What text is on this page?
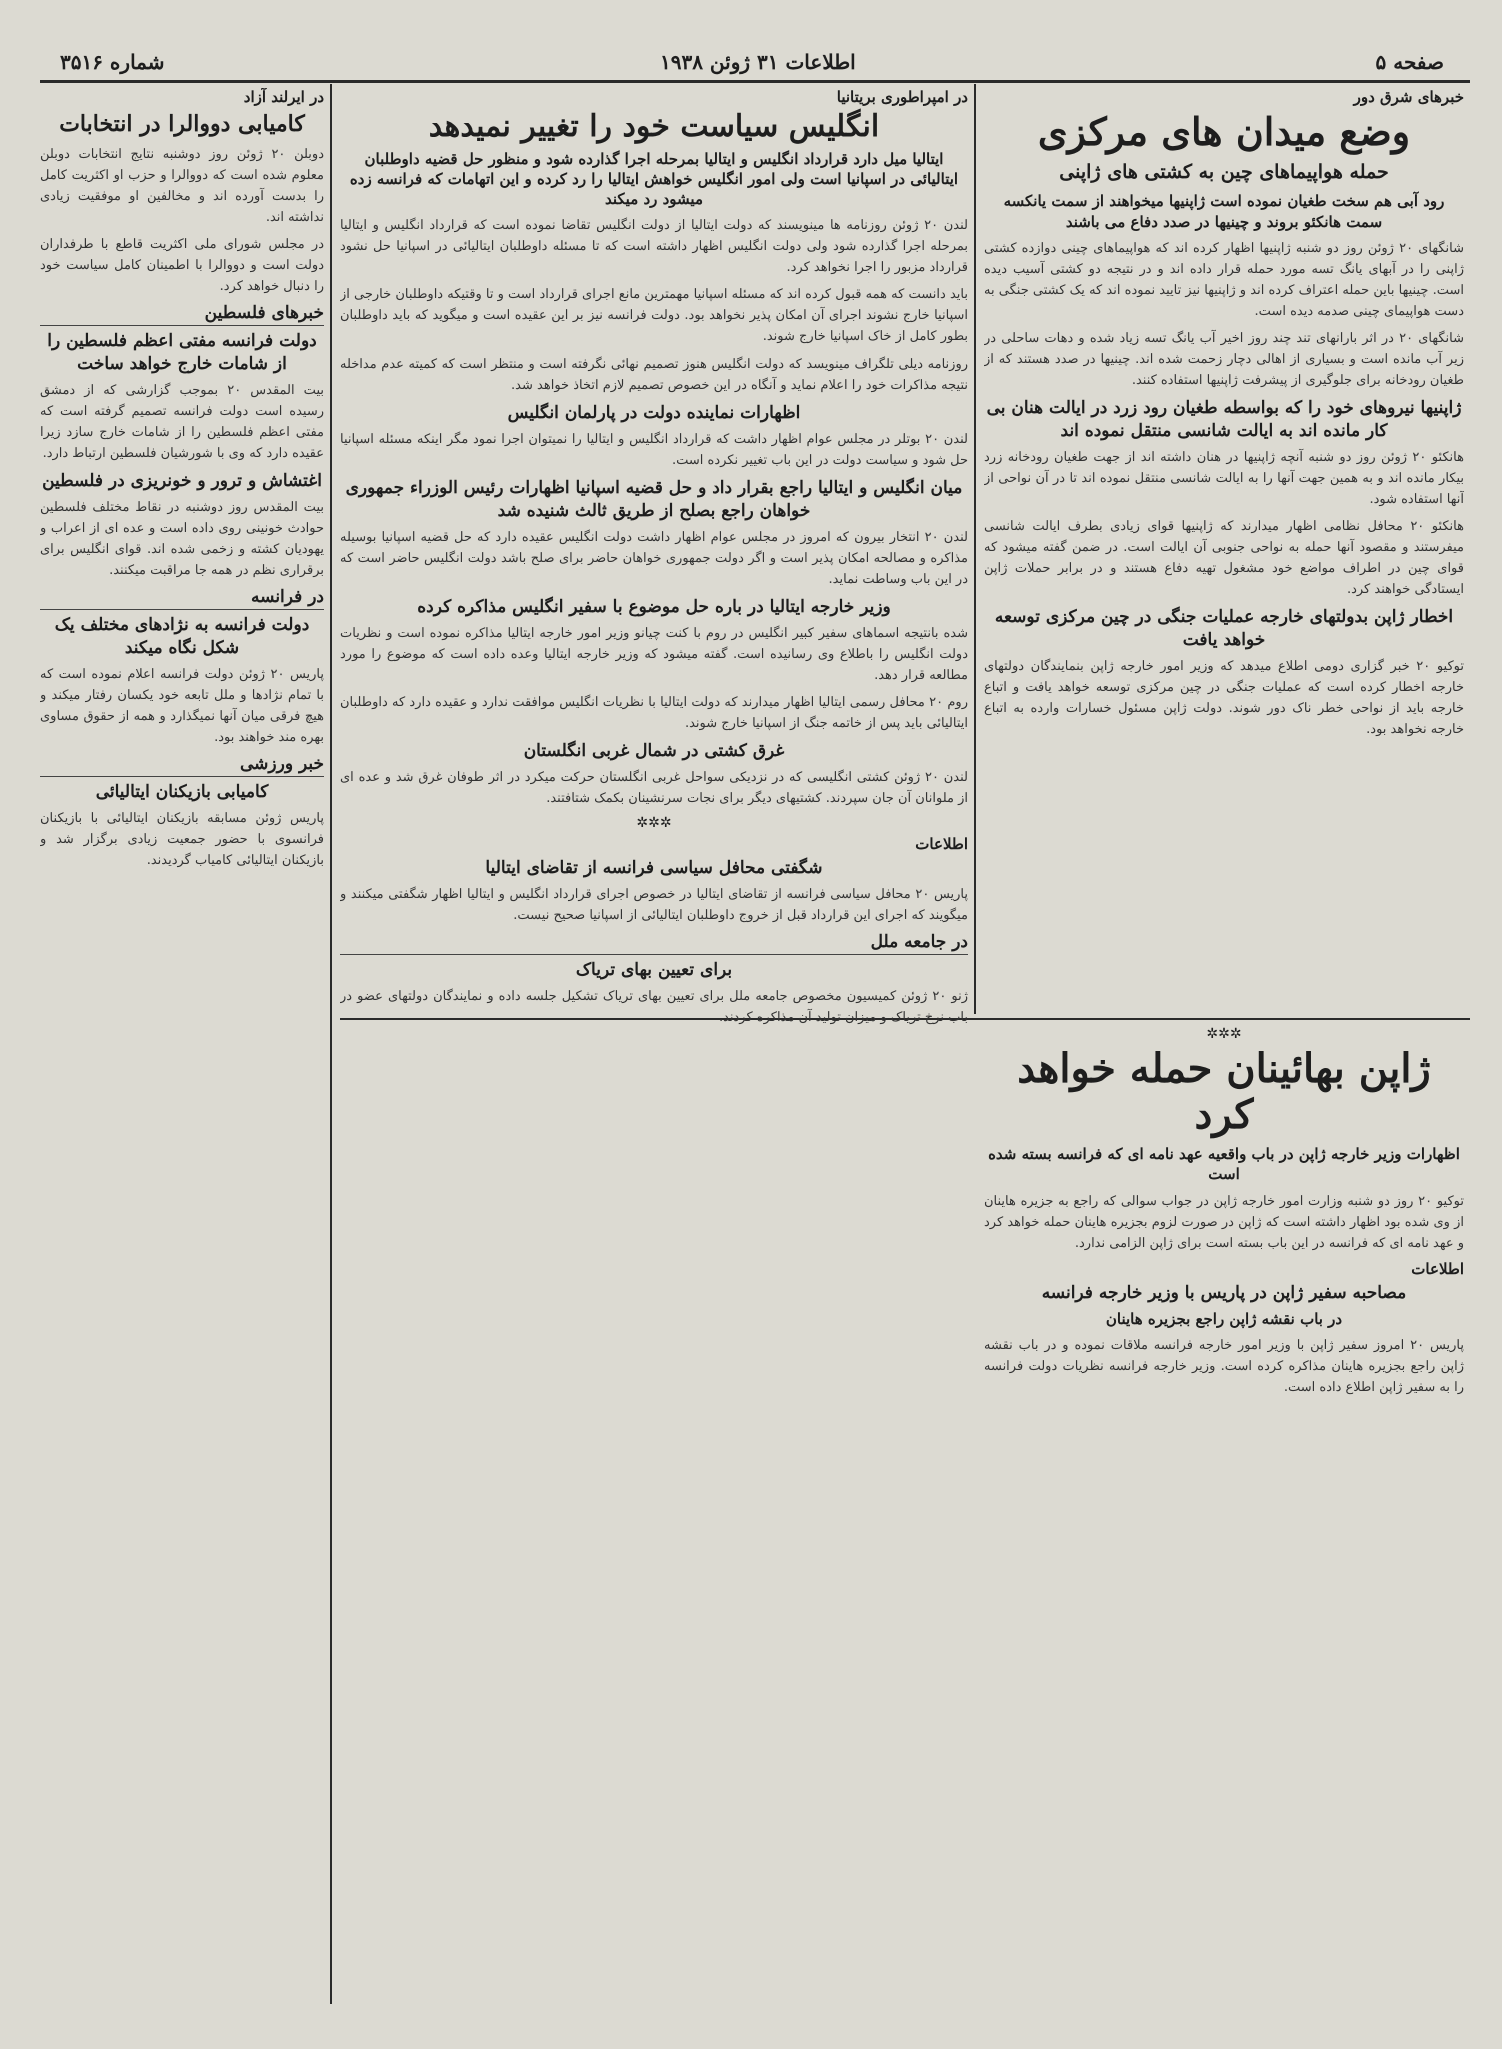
صفحه ۵
اطلاعات ۳۱ ژوئن ۱۹۳۸
شماره ۳۵۱۶
خبرهای شرق دور
وضع میدان های مرکزی
حمله هواپیماهای چین به کشتی های ژاپنی
رود آبی هم سخت طغیان نموده است ژاپنیها میخواهند از سمت یانکسه سمت هانکئو بروند و چینیها در صدد دفاع می باشند

شانگهای ۲۰ ژوئن روز دو شنبه ژاپنیها اظهار کرده اند که هواپیماهای چینی دوازده کشتی ژاپنی را در آبهای یانگ تسه مورد حمله قرار داده اند و در نتیجه دو کشتی آسیب دیده است. چینیها باین حمله اعتراف کرده اند و ژاپنیها نیز تایید نموده اند که یک کشتی جنگی به دست هواپیمای چینی صدمه دیده است.

شانگهای ۲۰ در اثر بارانهای تند چند روز اخیر آب یانگ تسه زیاد شده و دهات ساحلی در زیر آب مانده است و بسیاری از اهالی دچار زحمت شده اند. چینیها در صدد هستند که از طغیان رودخانه برای جلوگیری از پیشرفت ژاپنیها استفاده کنند.

ژاپنیها نیروهای خود را که بواسطه طغیان رود زرد در ایالت هنان بی کار مانده اند به ایالت شانسی منتقل نموده اند

هانکئو ۲۰ ژوئن روز دو شنبه آنچه ژاپنیها در هنان داشته اند از جهت طغیان رودخانه زرد بیکار مانده اند و به همین جهت آنها را به ایالت شانسی منتقل نموده اند تا در آن نواحی از آنها استفاده شود.

هانکئو ۲۰ محافل نظامی اظهار میدارند که ژاپنیها قوای زیادی بطرف ایالت شانسی میفرستند و مقصود آنها حمله به نواحی جنوبی آن ایالت است. در ضمن گفته میشود که قوای چین در اطراف مواضع خود مشغول تهیه دفاع هستند و در برابر حملات ژاپن ایستادگی خواهند کرد.

اخطار ژاپن بدولتهای خارجه عملیات جنگی در چین مرکزی توسعه خواهد یافت

توکیو ۲۰ خبر گزاری دومی اطلاع میدهد که وزیر امور خارجه ژاپن بنمایندگان دولتهای خارجه اخطار کرده است که عملیات جنگی در چین مرکزی توسعه خواهد یافت و اتباع خارجه باید از نواحی خطر ناک دور شوند. دولت ژاپن مسئول خسارات وارده به اتباع خارجه نخواهد بود.

در امپراطوری بریتانیا
انگلیس سیاست خود را تغییر نمیدهد
ایتالیا میل دارد قرارداد انگلیس و ایتالیا بمرحله اجرا گذارده شود و منظور حل قضیه داوطلبان ایتالیائی در اسپانیا است ولی امور انگلیس خواهش ایتالیا را رد کرده و این اتهامات که فرانسه زده میشود رد میکند

لندن ۲۰ ژوئن روزنامه ها مینویسند که دولت ایتالیا از دولت انگلیس تقاضا نموده است که قرارداد انگلیس و ایتالیا بمرحله اجرا گذارده شود ولی دولت انگلیس اظهار داشته است که تا مسئله داوطلبان ایتالیائی در اسپانیا حل نشود قرارداد مزبور را اجرا نخواهد کرد.

باید دانست که همه قبول کرده اند که مسئله اسپانیا مهمترین مانع اجرای قرارداد است و تا وقتیکه داوطلبان خارجی از اسپانیا خارج نشوند اجرای آن امکان پذیر نخواهد بود. دولت فرانسه نیز بر این عقیده است و میگوید که باید داوطلبان بطور کامل از خاک اسپانیا خارج شوند.

روزنامه دیلی تلگراف مینویسد که دولت انگلیس هنوز تصمیم نهائی نگرفته است و منتظر است که کمیته عدم مداخله نتیجه مذاکرات خود را اعلام نماید و آنگاه در این خصوص تصمیم لازم اتخاذ خواهد شد.

اظهارات نماینده دولت در پارلمان انگلیس

لندن ۲۰ بوتلر در مجلس عوام اظهار داشت که قرارداد انگلیس و ایتالیا را نمیتوان اجرا نمود مگر اینکه مسئله اسپانیا حل شود و سیاست دولت در این باب تغییر نکرده است.

میان انگلیس و ایتالیا راجع بقرار داد و حل قضیه اسپانیا اظهارات رئیس الوزراء جمهوری خواهان راجع بصلح از طریق ثالث شنیده شد

لندن ۲۰ انتخار بیرون که امروز در مجلس عوام اظهار داشت دولت انگلیس عقیده دارد که حل قضیه اسپانیا بوسیله مذاکره و مصالحه امکان پذیر است و اگر دولت جمهوری خواهان حاضر برای صلح باشد دولت انگلیس حاضر است که در این باب وساطت نماید.

وزیر خارجه ایتالیا در باره حل موضوع با سفیر انگلیس مذاکره کرده

شده بانتیجه اسماهای سفیر کبیر انگلیس در روم با کنت چیانو وزیر امور خارجه ایتالیا مذاکره نموده است و نظریات دولت انگلیس را باطلاع وی رسانیده است. گفته میشود که وزیر خارجه ایتالیا وعده داده است که موضوع را مورد مطالعه قرار دهد.

روم ۲۰ محافل رسمی ایتالیا اظهار میدارند که دولت ایتالیا با نظریات انگلیس موافقت ندارد و عقیده دارد که داوطلبان ایتالیائی باید پس از خاتمه جنگ از اسپانیا خارج شوند.

غرق کشتی در شمال غربی انگلستان

لندن ۲۰ ژوئن کشتی انگلیسی که در نزدیکی سواحل غربی انگلستان حرکت میکرد در اثر طوفان غرق شد و عده ای از ملوانان آن جان سپردند. کشتیهای دیگر برای نجات سرنشینان بکمک شتافتند.

✲✲✲
اطلاعات
شگفتی محافل سیاسی فرانسه از تقاضای ایتالیا

پاریس ۲۰ محافل سیاسی فرانسه از تقاضای ایتالیا در خصوص اجرای قرارداد انگلیس و ایتالیا اظهار شگفتی میکنند و میگویند که اجرای این قرارداد قبل از خروج داوطلبان ایتالیائی از اسپانیا صحیح نیست.

در جامعه ملل
برای تعیین بهای تریاک

ژنو ۲۰ ژوئن کمیسیون مخصوص جامعه ملل برای تعیین بهای تریاک تشکیل جلسه داده و نمایندگان دولتهای عضو در باب نرخ تریاک و میزان تولید آن مذاکره کردند.

در ایرلند آزاد
کامیابی دووالرا در انتخابات

دوبلن ۲۰ ژوئن روز دوشنبه نتایج انتخابات دوبلن معلوم شده است که دووالرا و حزب او اکثریت کامل را بدست آورده اند و مخالفین او موفقیت زیادی نداشته اند.

در مجلس شورای ملی اکثریت قاطع با طرفداران دولت است و دووالرا با اطمینان کامل سیاست خود را دنبال خواهد کرد.

خبرهای فلسطین
دولت فرانسه مفتی اعظم فلسطین را از شامات خارج خواهد ساخت

بیت المقدس ۲۰ بموجب گزارشی که از دمشق رسیده است دولت فرانسه تصمیم گرفته است که مفتی اعظم فلسطین را از شامات خارج سازد زیرا عقیده دارد که وی با شورشیان فلسطین ارتباط دارد.

اغتشاش و ترور و خونریزی در فلسطین

بیت المقدس روز دوشنبه در نقاط مختلف فلسطین حوادث خونینی روی داده است و عده ای از اعراب و یهودیان کشته و زخمی شده اند. قوای انگلیس برای برقراری نظم در همه جا مراقبت میکنند.

در فرانسه
دولت فرانسه به نژادهای مختلف یک شکل نگاه میکند

پاریس ۲۰ ژوئن دولت فرانسه اعلام نموده است که با تمام نژادها و ملل تابعه خود یکسان رفتار میکند و هیچ فرقی میان آنها نمیگذارد و همه از حقوق مساوی بهره مند خواهند بود.

خبر ورزشی
کامیابی بازیکنان ایتالیائی

پاریس ژوئن مسابقه بازیکنان ایتالیائی با بازیکنان فرانسوی با حضور جمعیت زیادی برگزار شد و بازیکنان ایتالیائی کامیاب گردیدند.

✲✲✲
ژاپن بهائینان حمله خواهد کرد
اظهارات وزیر خارجه ژاپن در باب واقعیه عهد نامه ای که فرانسه بسته شده است

توکیو ۲۰ روز دو شنبه وزارت امور خارجه ژاپن در جواب سوالی که راجع به جزیره هاینان از وی شده بود اظهار داشته است که ژاپن در صورت لزوم بجزیره هاینان حمله خواهد کرد و عهد نامه ای که فرانسه در این باب بسته است برای ژاپن الزامی ندارد.

اطلاعات
مصاحبه سفیر ژاپن در پاریس با وزیر خارجه فرانسه
در باب نقشه ژاپن راجع بجزیره هاینان

پاریس ۲۰ امروز سفیر ژاپن با وزیر امور خارجه فرانسه ملاقات نموده و در باب نقشه ژاپن راجع بجزیره هاینان مذاکره کرده است. وزیر خارجه فرانسه نظریات دولت فرانسه را به سفیر ژاپن اطلاع داده است.
